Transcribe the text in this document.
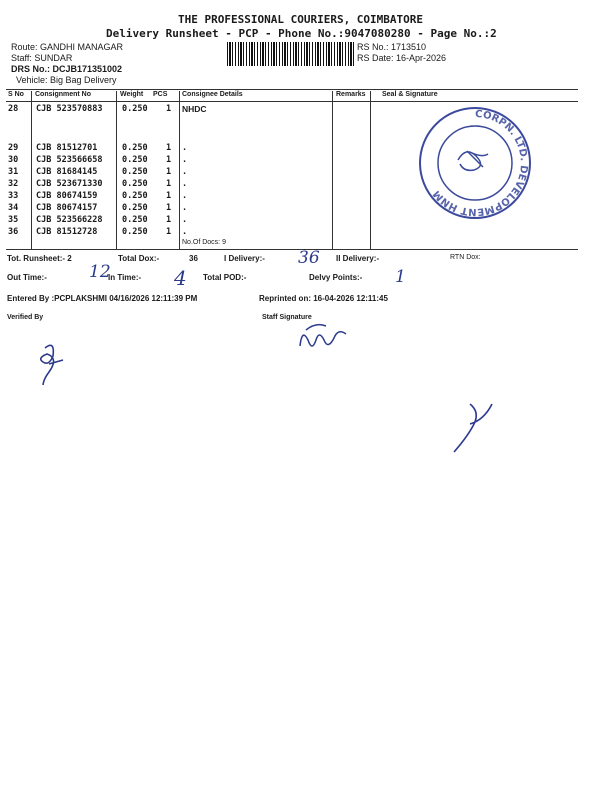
THE PROFESSIONAL COURIERS, COIMBATORE
Delivery Runsheet - PCP - Phone No.:9047080280 - Page No.:2
Route: GANDHI MANAGAR
Staff: SUNDAR
DRS No.: DCJB171351002
Vehicle: Big Bag Delivery
RS No.: 1713510
RS Date: 16-Apr-2026
S No Consignment No	Weight PCS Consignee Details	Remarks Seal & Signature
28 CJB 523570883 0.250 1 NHDC
29 CJB 81512701	0.250 1 .
30 CJB 523566658 0.250 1 .
31 CJB 81684145	0.250 1 .
32 CJB 523671330 0.250 1 .
33 CJB 80674159	0.250 1 .
34 CJB 80674157	0.250 1 .
35 CJB 523566228 0.250 1 .
36 CJB 81512728	0.250 1 .
No.Of Docs: 9
CORPN. LTD. DEVELOPMENT HNM
Tot. Runsheet:- 2	Total Dox:-	36	I Delivery:- 36 II Delivery:-	RTN Dox:
Out Time:- 12
In Time:- 4 Total POD:-	Delvy Points:- 1
Entered By :PCPLAKSHMI 04/16/2026 12:11:39 PM	Reprinted on: 16-04-2026 12:11:45
Verified By	Staff Signature
